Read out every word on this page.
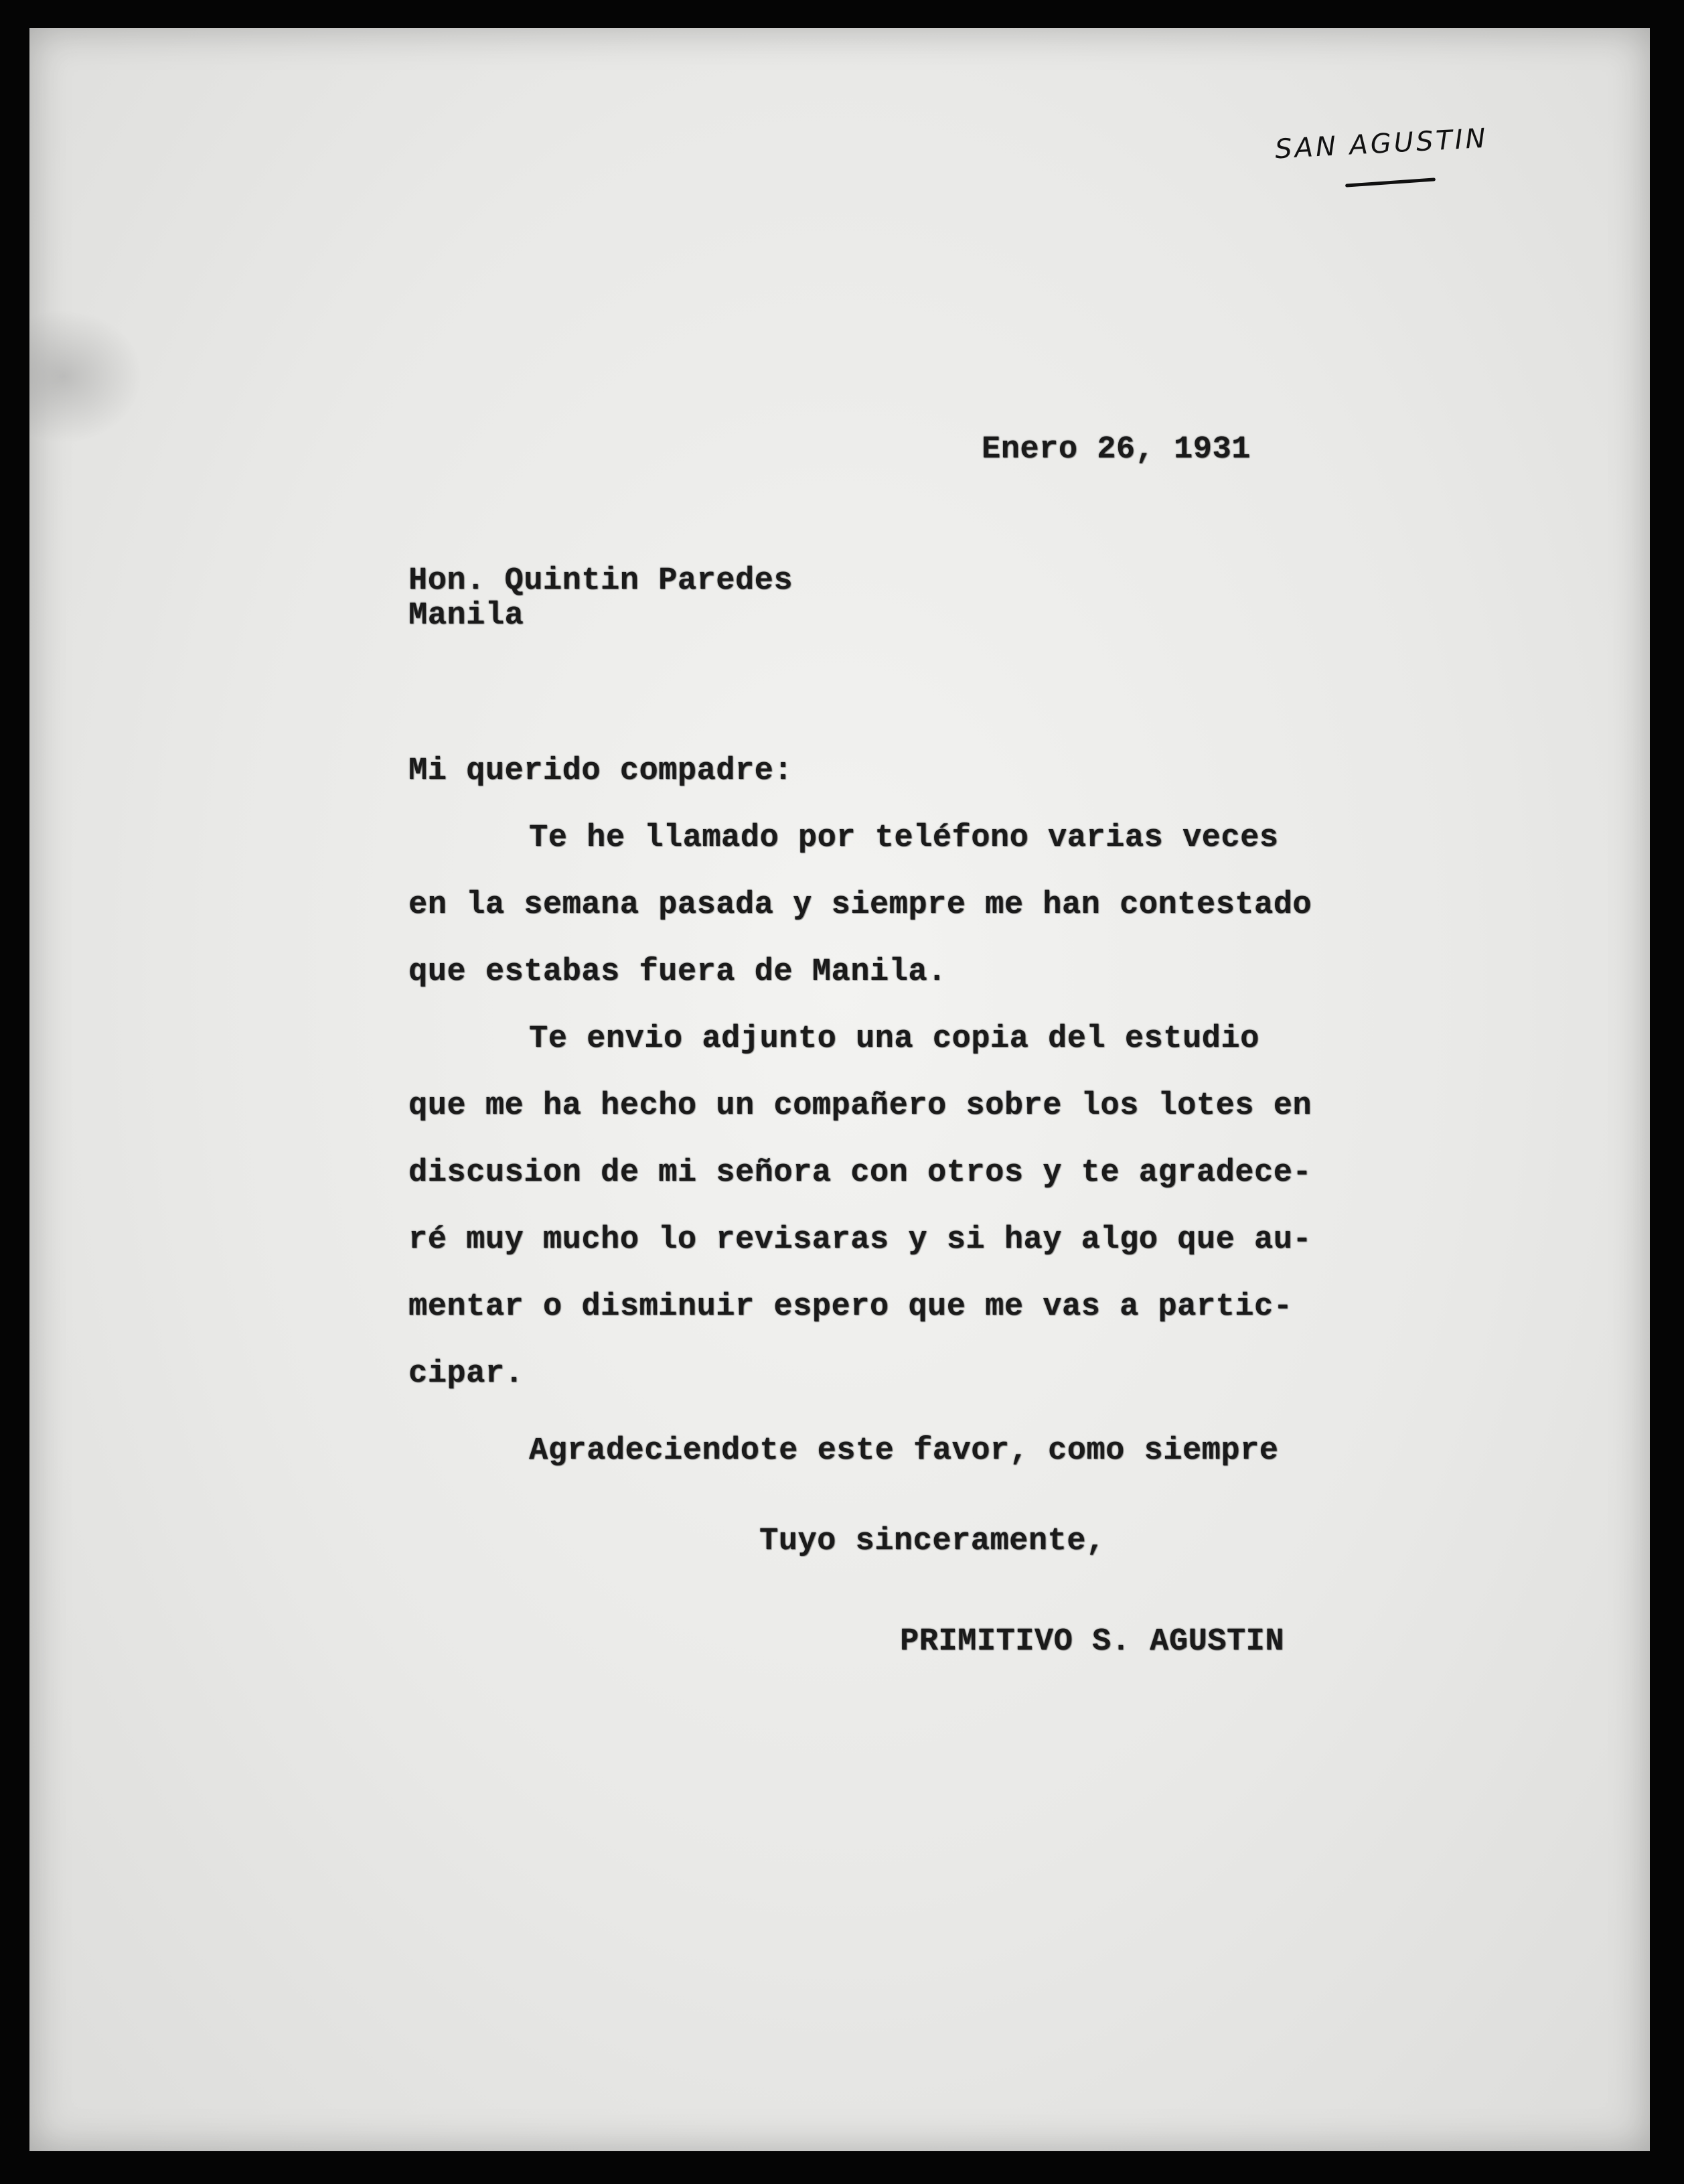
SAN AGUSTIN
Enero 26, 1931
Hon. Quintin Paredes
Manila
Mi querido compadre:
Te he llamado por teléfono varias veces
en la semana pasada y siempre me han contestado
que estabas fuera de Manila.
Te envio adjunto una copia del estudio
que me ha hecho un compañero sobre los lotes en
discusion de mi señora con otros y te agradece-
ré muy mucho lo revisaras y si hay algo que au-
mentar o disminuir espero que me vas a partic-
cipar.
Agradeciendote este favor, como siempre
Tuyo sinceramente,
PRIMITIVO S. AGUSTIN
